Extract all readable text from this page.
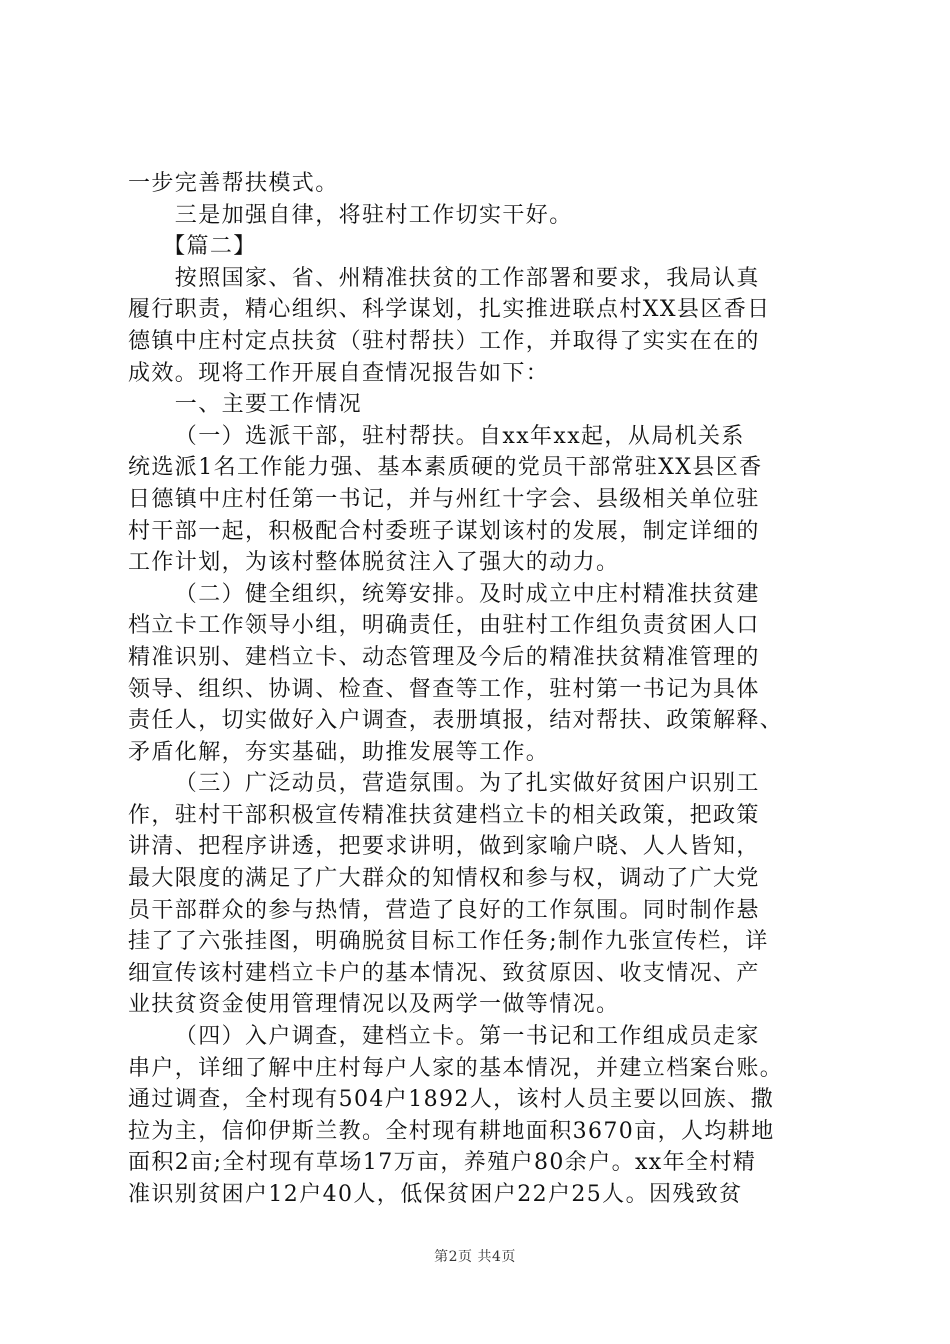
一步完善帮扶模式。
三是加强自律，将驻村工作切实干好。
【篇二】
按照国家、省、州精准扶贫的工作部署和要求，我局认真
履行职责，精心组织、科学谋划，扎实推进联点村XX县区香日
德镇中庄村定点扶贫（驻村帮扶）工作，并取得了实实在在的
成效。现将工作开展自查情况报告如下：
一、主要工作情况
（一）选派干部，驻村帮扶。自xx年xx起，从局机关系
统选派1名工作能力强、基本素质硬的党员干部常驻XX县区香
日德镇中庄村任第一书记，并与州红十字会、县级相关单位驻
村干部一起，积极配合村委班子谋划该村的发展，制定详细的
工作计划，为该村整体脱贫注入了强大的动力。
（二）健全组织，统筹安排。及时成立中庄村精准扶贫建
档立卡工作领导小组，明确责任，由驻村工作组负责贫困人口
精准识别、建档立卡、动态管理及今后的精准扶贫精准管理的
领导、组织、协调、检查、督查等工作，驻村第一书记为具体
责任人，切实做好入户调查，表册填报，结对帮扶、政策解释、
矛盾化解，夯实基础，助推发展等工作。
（三）广泛动员，营造氛围。为了扎实做好贫困户识别工
作，驻村干部积极宣传精准扶贫建档立卡的相关政策，把政策
讲清、把程序讲透，把要求讲明，做到家喻户晓、人人皆知，
最大限度的满足了广大群众的知情权和参与权，调动了广大党
员干部群众的参与热情，营造了良好的工作氛围。同时制作悬
挂了了六张挂图，明确脱贫目标工作任务;制作九张宣传栏，详
细宣传该村建档立卡户的基本情况、致贫原因、收支情况、产
业扶贫资金使用管理情况以及两学一做等情况。
（四）入户调查，建档立卡。第一书记和工作组成员走家
串户，详细了解中庄村每户人家的基本情况，并建立档案台账。
通过调查，全村现有504户1892人，该村人员主要以回族、撒
拉为主，信仰伊斯兰教。全村现有耕地面积3670亩，人均耕地
面积2亩;全村现有草场17万亩，养殖户80余户。xx年全村精
准识别贫困户12户40人，低保贫困户22户25人。因残致贫
第2页 共4页
